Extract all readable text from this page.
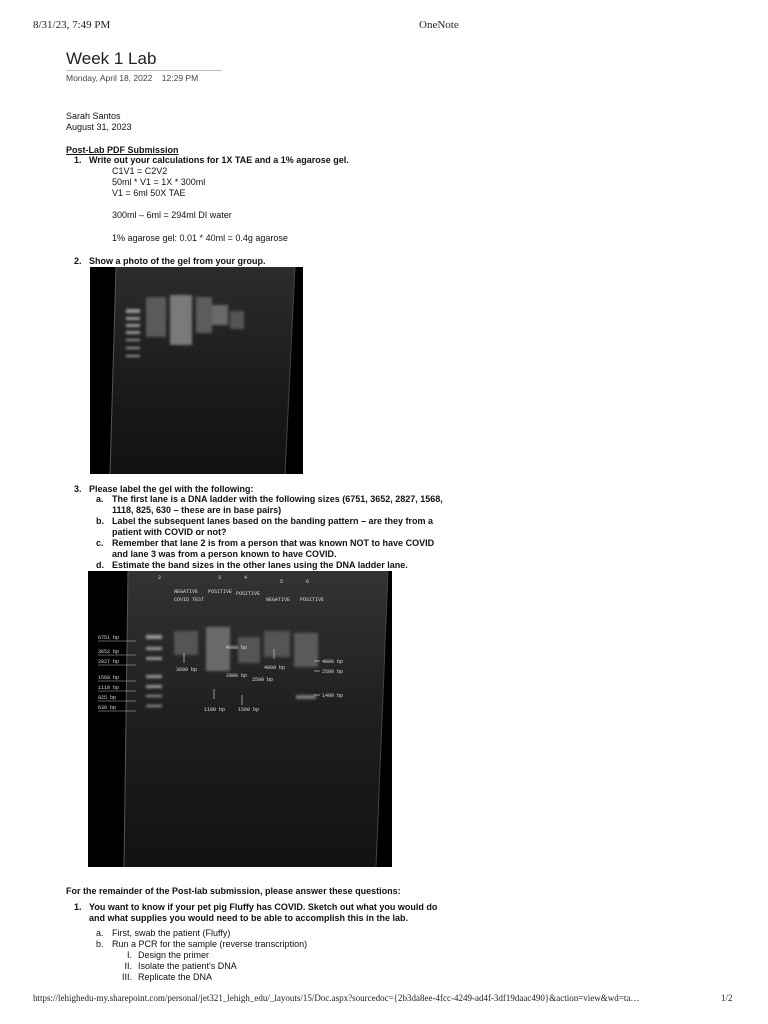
8/31/23, 7:49 PM	OneNote
Week 1 Lab
Monday, April 18, 2022 12:29 PM
Sarah Santos
August 31, 2023
Post-Lab PDF Submission
1. Write out your calculations for 1X TAE and a 1% agarose gel.
C1V1 = C2V2
50ml * V1 = 1X * 300ml
V1 = 6ml 50X TAE
300ml – 6ml = 294ml DI water
1% agarose gel: 0.01 * 40ml = 0.4g agarose
2. Show a photo of the gel from your group.
3. Please label the gel with the following:
a. The first lane is a DNA ladder with the following sizes (6751, 3652, 2827, 1568,
1118, 825, 630 – these are in base pairs)
b. Label the subsequent lanes based on the banding pattern – are they from a
patient with COVID or not?
c. Remember that lane 2 is from a person that was known NOT to have COVID
and lane 3 was from a person known to have COVID.
d. Estimate the band sizes in the other lanes using the DNA ladder lane.
2	3	4
5	6
NEGATIVE
COVID TEST
POSITIVE POSITIVE
NEGATIVE POSITIVE
6751 bp
3652 bp
2827 bp
1568 bp
1118 bp
825 bp
630 bp
3600 bp
4000 bp
2000 bp
2500 bp
4000 bp
4000 bp
2500 bp
1400 bp
1100 bp	1500 bp
For the remainder of the Post-lab submission, please answer these questions:
1. You want to know if your pet pig Fluffy has COVID. Sketch out what you would do
and what supplies you would need to be able to accomplish this in the lab.
a. First, swab the patient (Fluffy)
b. Run a PCR for the sample (reverse transcription)
I. Design the primer
II. Isolate the patient's DNA
III. Replicate the DNA
https://lehighedu-my.sharepoint.com/personal/jet321_lehigh_edu/_layouts/15/Doc.aspx?sourcedoc={2b3da8ee-4fcc-4249-ad4f-3df19daac490}&action=view&wd=ta…	1/2
